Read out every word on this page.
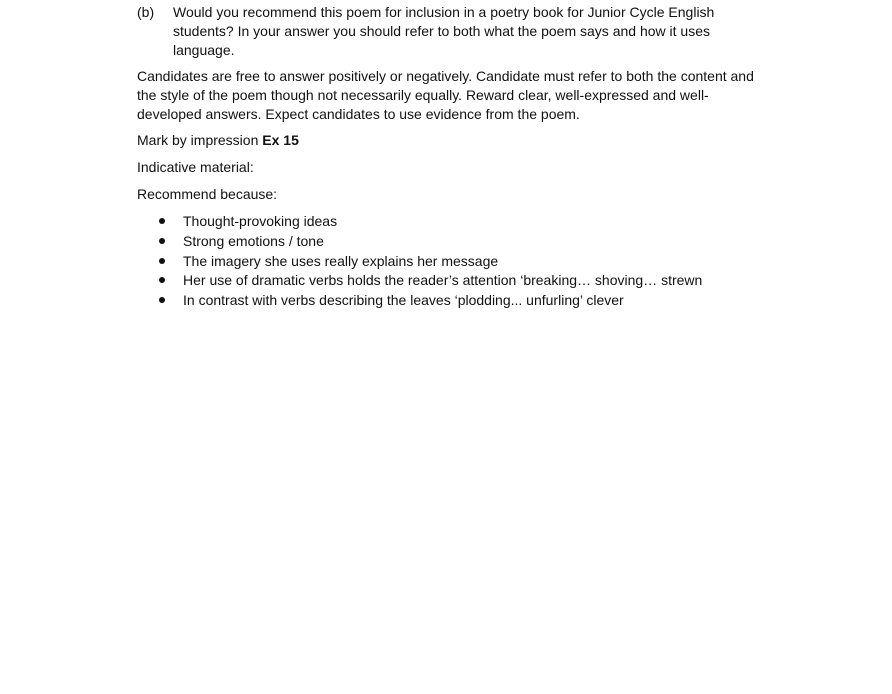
(b) Would you recommend this poem for inclusion in a poetry book for Junior Cycle English students? In your answer you should refer to both what the poem says and how it uses language.
Candidates are free to answer positively or negatively. Candidate must refer to both the content and the style of the poem though not necessarily equally. Reward clear, well-expressed and well-developed answers. Expect candidates to use evidence from the poem.
Mark by impression Ex 15
Indicative material:
Recommend because:
Thought-provoking ideas
Strong emotions / tone
The imagery she uses really explains her message
Her use of dramatic verbs holds the reader’s attention ‘breaking… shoving… strewn
In contrast with verbs describing the leaves ‘plodding... unfurling’ clever
